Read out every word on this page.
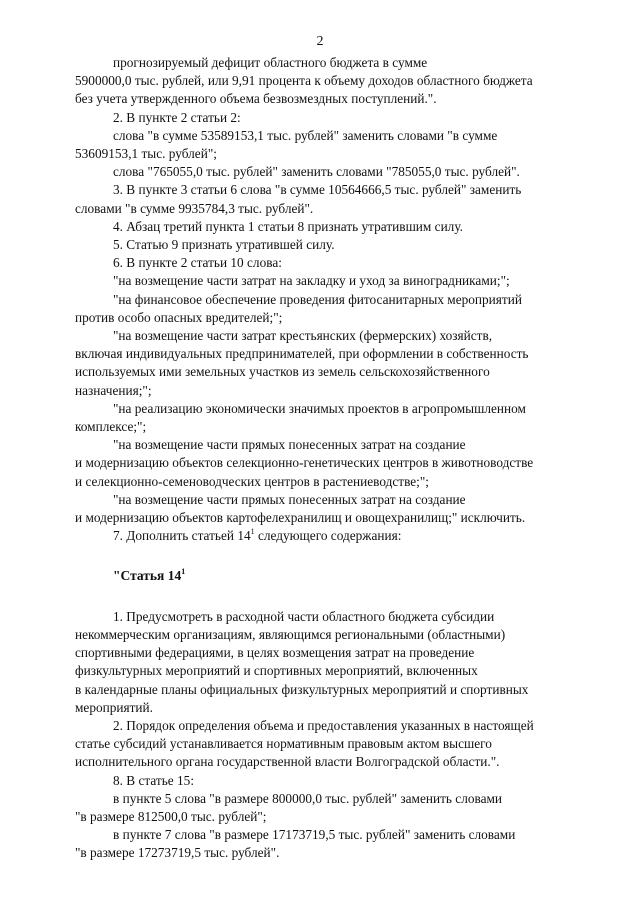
2

прогнозируемый дефицит областного бюджета в сумме

5900000,0 тыс. рублей, или 9,91 процента к объему доходов областного бюджета

без учета утвержденного объема безвозмездных поступлений.".

2. В пункте 2 статьи 2:

слова "в сумме 53589153,1 тыс. рублей" заменить словами "в сумме

53609153,1 тыс. рублей";

слова "765055,0 тыс. рублей" заменить словами "785055,0 тыс. рублей".

3. В пункте 3 статьи 6 слова "в сумме 10564666,5 тыс. рублей" заменить

словами "в сумме 9935784,3 тыс. рублей".

4. Абзац третий пункта 1 статьи 8 признать утратившим силу.

5. Статью 9 признать утратившей силу.

6. В пункте 2 статьи 10 слова:

"на возмещение части затрат на закладку и уход за виноградниками;";

"на финансовое обеспечение проведения фитосанитарных мероприятий

против особо опасных вредителей;";

"на возмещение части затрат крестьянских (фермерских) хозяйств,

включая индивидуальных предпринимателей, при оформлении в собственность

используемых ими земельных участков из земель сельскохозяйственного

назначения;";

"на реализацию экономически значимых проектов в агропромышленном

комплексе;";

"на возмещение части прямых понесенных затрат на создание

и модернизацию объектов селекционно-генетических центров в животноводстве

и селекционно-семеноводческих центров в растениеводстве;";

"на возмещение части прямых понесенных затрат на создание

и модернизацию объектов картофелехранилищ и овощехранилищ;" исключить.

7. Дополнить статьей $14^1$ следующего содержания:

"Статья $14^1$

1. Предусмотреть в расходной части областного бюджета субсидии

некоммерческим организациям, являющимся региональными (областными)

спортивными федерациями, в целях возмещения затрат на проведение

физкультурных мероприятий и спортивных мероприятий, включенных

в календарные планы официальных физкультурных мероприятий и спортивных

мероприятий.

2. Порядок определения объема и предоставления указанных в настоящей

статье субсидий устанавливается нормативным правовым актом высшего

исполнительного органа государственной власти Волгоградской области.".

8. В статье 15:

в пункте 5 слова "в размере 800000,0 тыс. рублей" заменить словами

"в размере 812500,0 тыс. рублей";

в пункте 7 слова "в размере 17173719,5 тыс. рублей" заменить словами

"в размере 17273719,5 тыс. рублей".
